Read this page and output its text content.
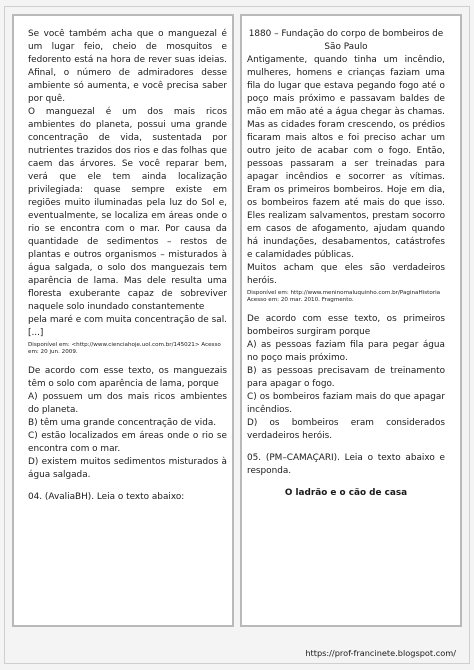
Se você também acha que o manguezal é um lugar feio, cheio de mosquitos e fedorento está na hora de rever suas ideias. Afinal, o número de admiradores desse ambiente só aumenta, e você precisa saber por quê.

O manguezal é um dos mais ricos ambientes do planeta, possui uma grande concentração de vida, sustentada por nutrientes trazidos dos rios e das folhas que caem das árvores. Se você reparar bem, verá que ele tem ainda localização privilegiada: quase sempre existe em regiões muito iluminadas pela luz do Sol e, eventualmente, se localiza em áreas onde o rio se encontra com o mar. Por causa da quantidade de sedimentos – restos de plantas e outros organismos – misturados à água salgada, o solo dos manguezais tem aparência de lama. Mas dele resulta uma floresta exuberante capaz de sobreviver naquele solo inundado constantemente

pela maré e com muita concentração de sal. [...]

Disponível em: <http://www.cienciahoje.uol.com.br/145021> Acesso em: 20 jun. 2009.

De acordo com esse texto, os manguezais têm o solo com aparência de lama, porque

A) possuem um dos mais ricos ambientes do planeta.

B) têm uma grande concentração de vida.

C) estão localizados em áreas onde o rio se encontra com o mar.

D) existem muitos sedimentos misturados à água salgada.

04. (AvaliaBH). Leia o texto abaixo:

1880 – Fundação do corpo de bombeiros de São Paulo

Antigamente, quando tinha um incêndio, mulheres, homens e crianças faziam uma fila do lugar que estava pegando fogo até o poço mais próximo e passavam baldes de mão em mão até a água chegar às chamas. Mas as cidades foram crescendo, os prédios ficaram mais altos e foi preciso achar um outro jeito de acabar com o fogo. Então, pessoas passaram a ser treinadas para apagar incêndios e socorrer as vítimas. Eram os primeiros bombeiros. Hoje em dia, os bombeiros fazem até mais do que isso. Eles realizam salvamentos, prestam socorro em casos de afogamento, ajudam quando há inundações, desabamentos, catástrofes e calamidades públicas.

Muitos acham que eles são verdadeiros heróis.

Disponível em: http://www.meninomaluquinho.com.br/PaginaHistoria Acesso em: 20 mar. 2010. Fragmento.

De acordo com esse texto, os primeiros bombeiros surgiram porque

A) as pessoas faziam fila para pegar água no poço mais próximo.

B) as pessoas precisavam de treinamento para apagar o fogo.

C) os bombeiros faziam mais do que apagar incêndios.

D) os bombeiros eram considerados verdadeiros heróis.

05. (PM–CAMAÇARI). Leia o texto abaixo e responda.

O ladrão e o cão de casa

https://prof-francinete.blogspot.com/
